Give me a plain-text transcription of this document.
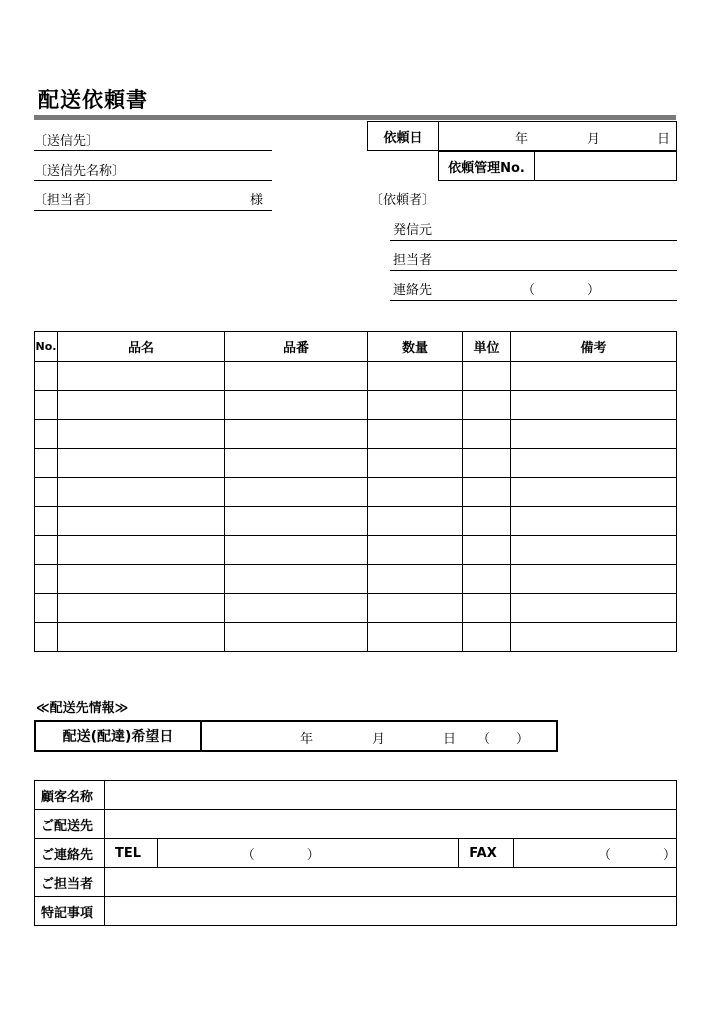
配送依頼書
〔送信先〕
〔送信先名称〕
〔担当者〕	様
依頼日	年	月	日
依頼管理No.	
〔依頼者〕
発信元
担当者
連絡先	（　　　　）
No.	品名	品番	数量	単位	備考

≪配送先情報≫
配送(配達)希望日	年	月	日 （　　）
顧客名称				
ご配送先				
ご連絡先	TEL	（　　　　）	FAX	（　　　　）
ご担当者				
特記事項				
